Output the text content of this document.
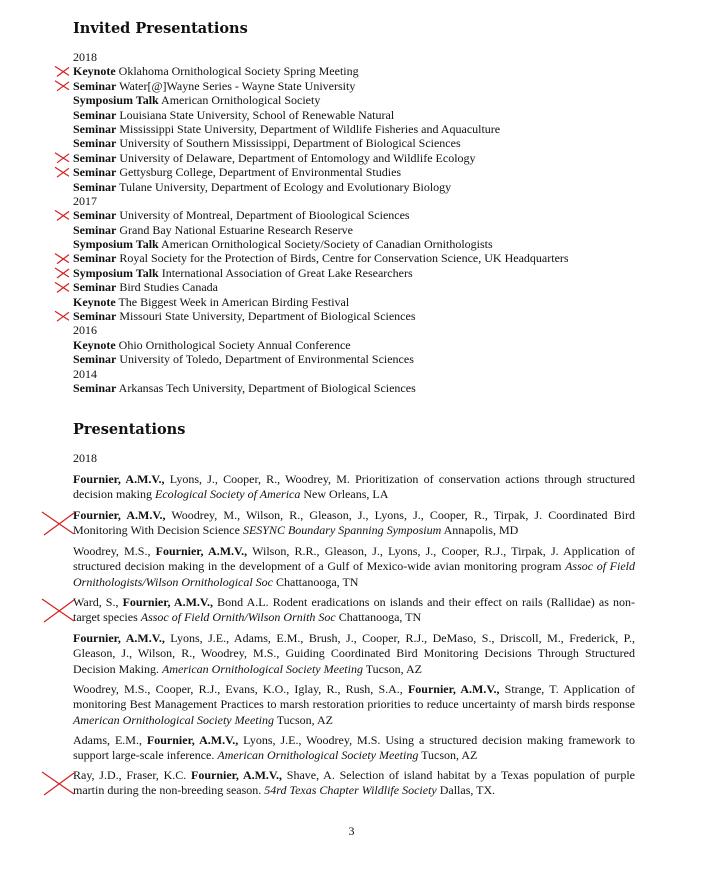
Invited Presentations
2018
Keynote Oklahoma Ornithological Society Spring Meeting
Seminar Water[@]Wayne Series - Wayne State University
Symposium Talk American Ornithological Society
Seminar Louisiana State University, School of Renewable Natural
Seminar Mississippi State University, Department of Wildlife Fisheries and Aquaculture
Seminar University of Southern Mississippi, Department of Biological Sciences
Seminar University of Delaware, Department of Entomology and Wildlife Ecology
Seminar Gettysburg College, Department of Environmental Studies
Seminar Tulane University, Department of Ecology and Evolutionary Biology
2017
Seminar University of Montreal, Department of Bioological Sciences
Seminar Grand Bay National Estuarine Research Reserve
Symposium Talk American Ornithological Society/Society of Canadian Ornithologists
Seminar Royal Society for the Protection of Birds, Centre for Conservation Science, UK Headquarters
Symposium Talk International Association of Great Lake Researchers
Seminar Bird Studies Canada
Keynote The Biggest Week in American Birding Festival
Seminar Missouri State University, Department of Biological Sciences
2016
Keynote Ohio Ornithological Society Annual Conference
Seminar University of Toledo, Department of Environmental Sciences
2014
Seminar Arkansas Tech University, Department of Biological Sciences
Presentations
2018
Fournier, A.M.V., Lyons, J., Cooper, R., Woodrey, M. Prioritization of conservation actions through structured decision making Ecological Society of America New Orleans, LA
Fournier, A.M.V., Woodrey, M., Wilson, R., Gleason, J., Lyons, J., Cooper, R., Tirpak, J. Coordinated Bird Monitoring With Decision Science SESYNC Boundary Spanning Symposium Annapolis, MD
Woodrey, M.S., Fournier, A.M.V., Wilson, R.R., Gleason, J., Lyons, J., Cooper, R.J., Tirpak, J. Application of structured decision making in the development of a Gulf of Mexico-wide avian monitoring program Assoc of Field Ornithologists/Wilson Ornithological Soc Chattanooga, TN
Ward, S., Fournier, A.M.V., Bond A.L. Rodent eradications on islands and their effect on rails (Rallidae) as non-target species Assoc of Field Ornith/Wilson Ornith Soc Chattanooga, TN
Fournier, A.M.V., Lyons, J.E., Adams, E.M., Brush, J., Cooper, R.J., DeMaso, S., Driscoll, M., Frederick, P., Gleason, J., Wilson, R., Woodrey, M.S., Guiding Coordinated Bird Monitoring Decisions Through Structured Decision Making. American Ornithological Society Meeting Tucson, AZ
Woodrey, M.S., Cooper, R.J., Evans, K.O., Iglay, R., Rush, S.A., Fournier, A.M.V., Strange, T. Application of monitoring Best Management Practices to marsh restoration priorities to reduce uncertainty of marsh birds response American Ornithological Society Meeting Tucson, AZ
Adams, E.M., Fournier, A.M.V., Lyons, J.E., Woodrey, M.S. Using a structured decision making framework to support large-scale inference. American Ornithological Society Meeting Tucson, AZ
Ray, J.D., Fraser, K.C. Fournier, A.M.V., Shave, A. Selection of island habitat by a Texas population of purple martin during the non-breeding season. 54rd Texas Chapter Wildlife Society Dallas, TX.
3
